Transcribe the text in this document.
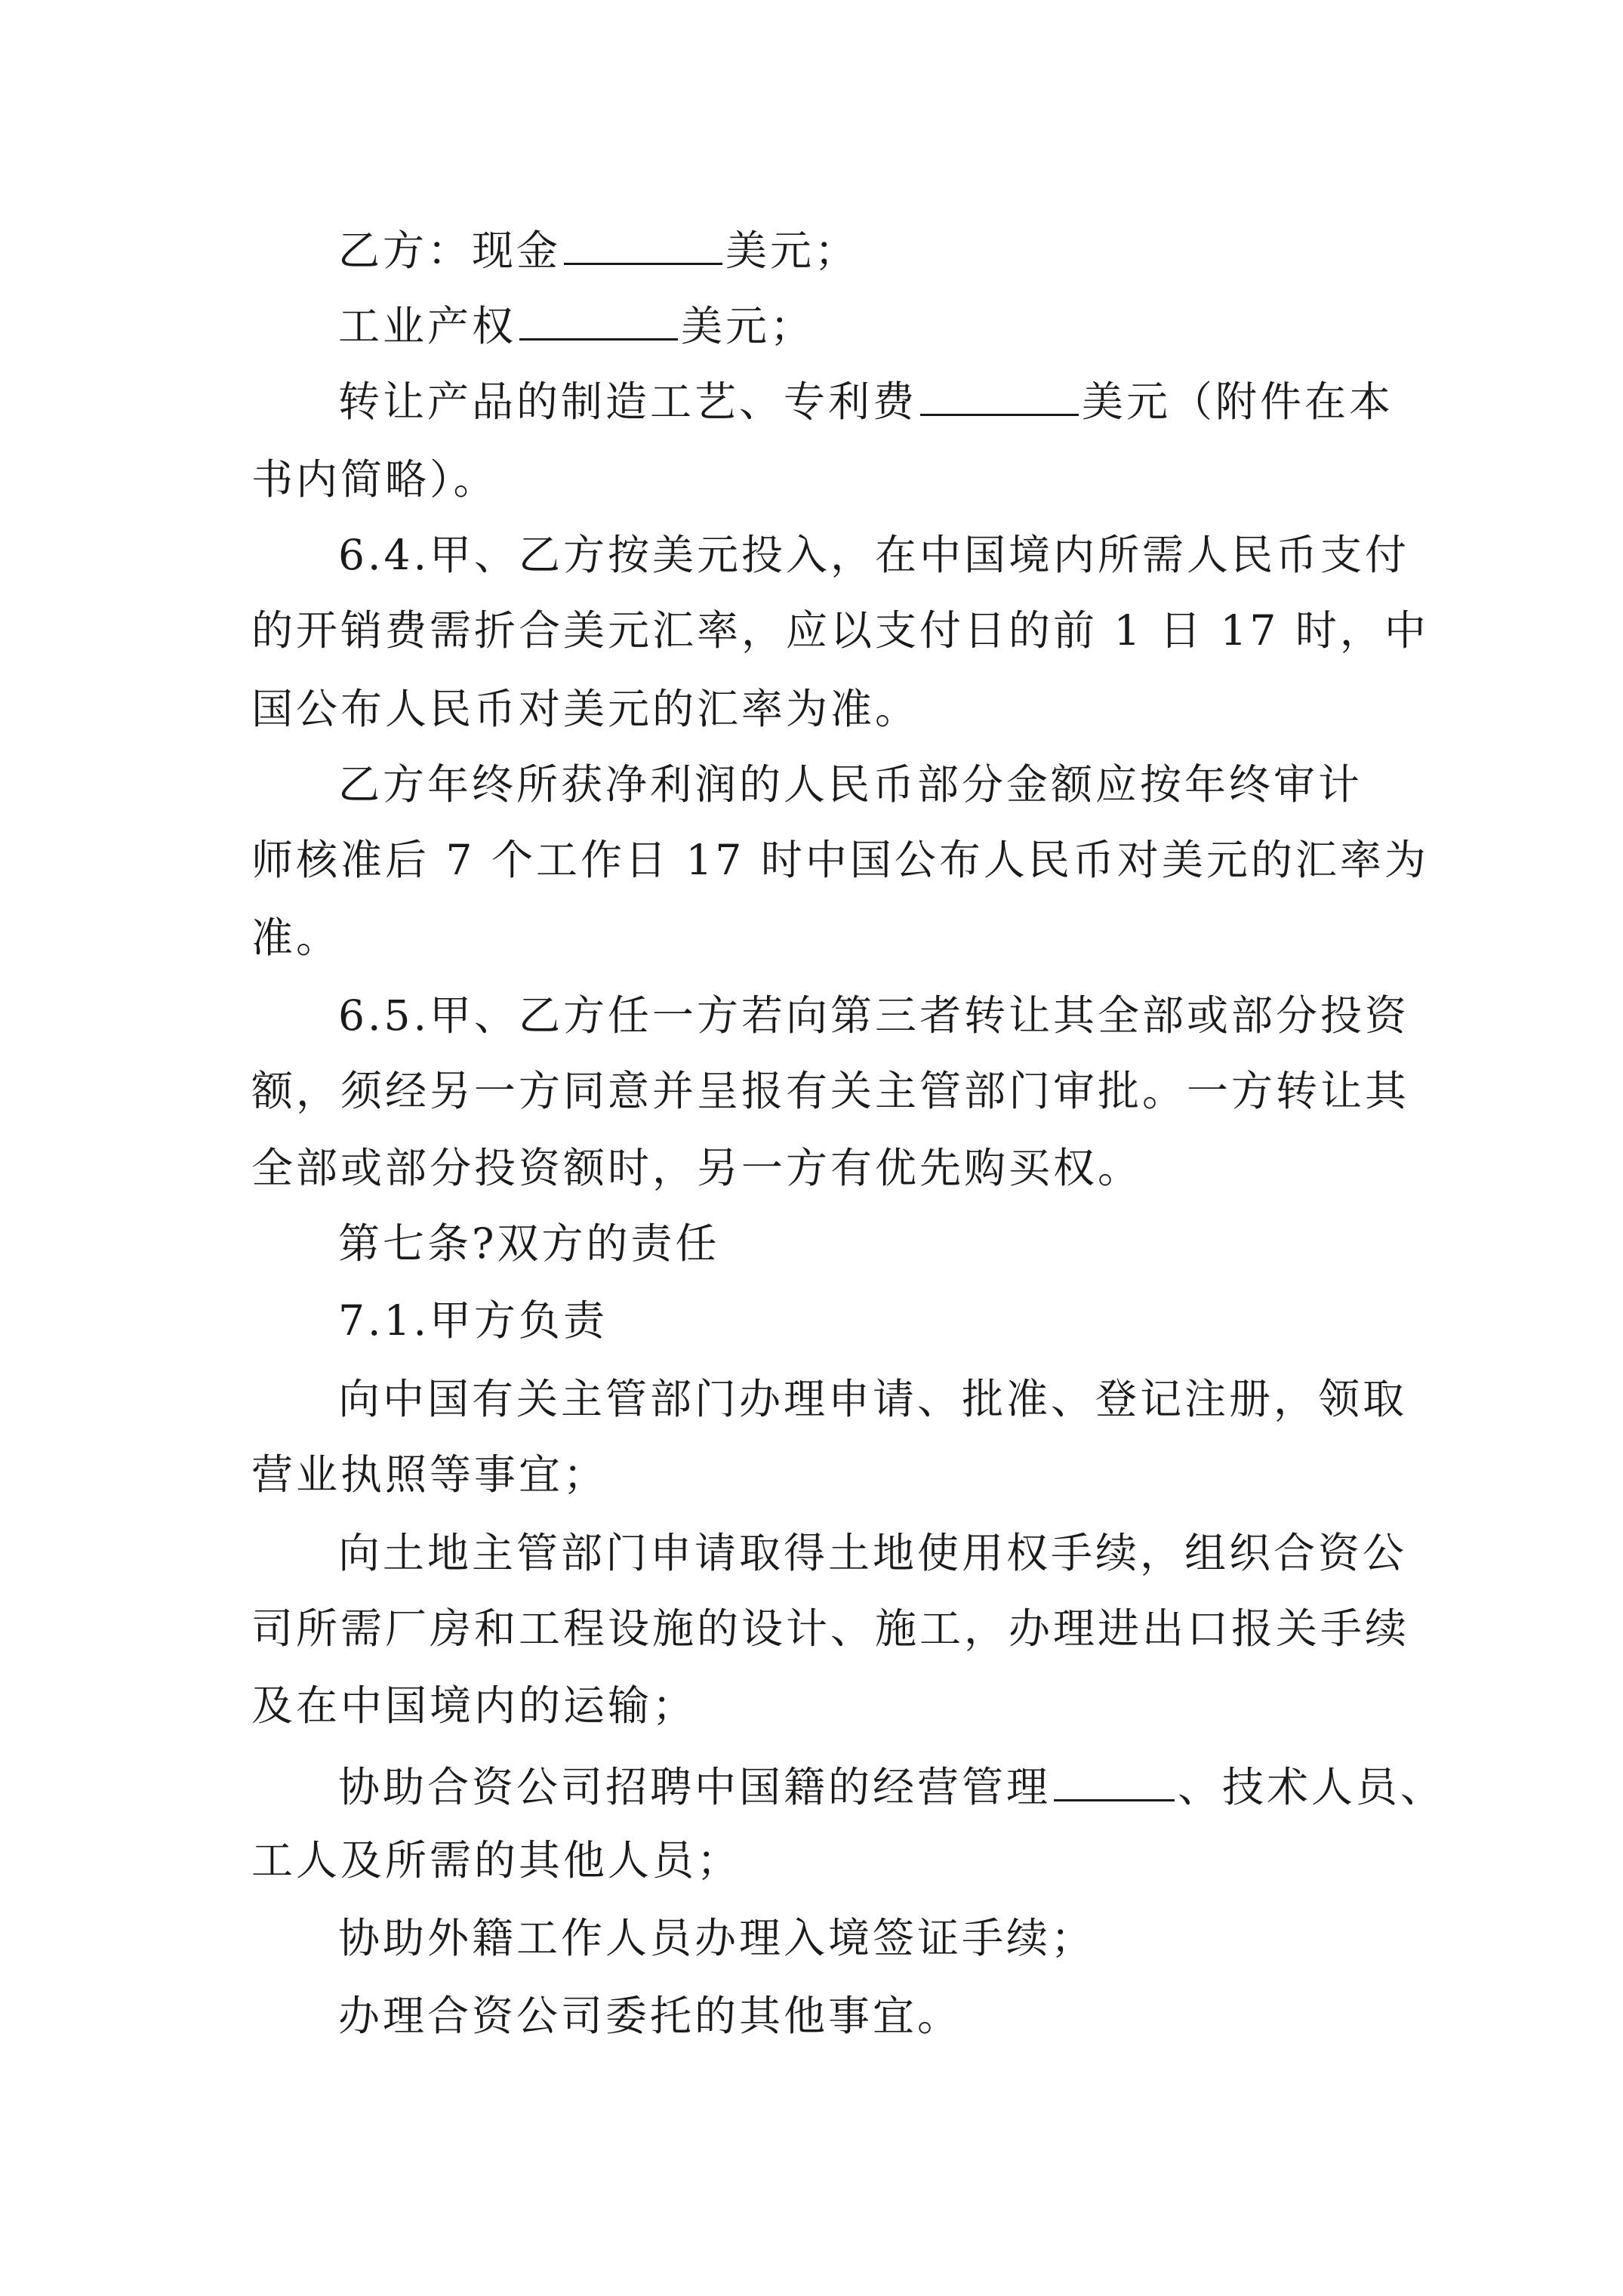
乙方：现金	美元；
工业产权	美元；
转让产品的制造工艺、专利费	美元（附件在本
书内简略）。
6.4.甲、乙方按美元投入，在中国境内所需人民币支付
的开销费需折合美元汇率，应以支付日的前 1 日 17 时，中
国公布人民币对美元的汇率为准。
乙方年终所获净利润的人民币部分金额应按年终审计
师核准后 7 个工作日 17 时中国公布人民币对美元的汇率为
准。
6.5.甲、乙方任一方若向第三者转让其全部或部分投资
额，须经另一方同意并呈报有关主管部门审批。一方转让其
全部或部分投资额时，另一方有优先购买权。
第七条?双方的责任
7.1.甲方负责
向中国有关主管部门办理申请、批准、登记注册，领取
营业执照等事宜；
向土地主管部门申请取得土地使用权手续，组织合资公
司所需厂房和工程设施的设计、施工，办理进出口报关手续
及在中国境内的运输；
协助合资公司招聘中国籍的经营管理	、技术人员、
工人及所需的其他人员；
协助外籍工作人员办理入境签证手续；
办理合资公司委托的其他事宜。
